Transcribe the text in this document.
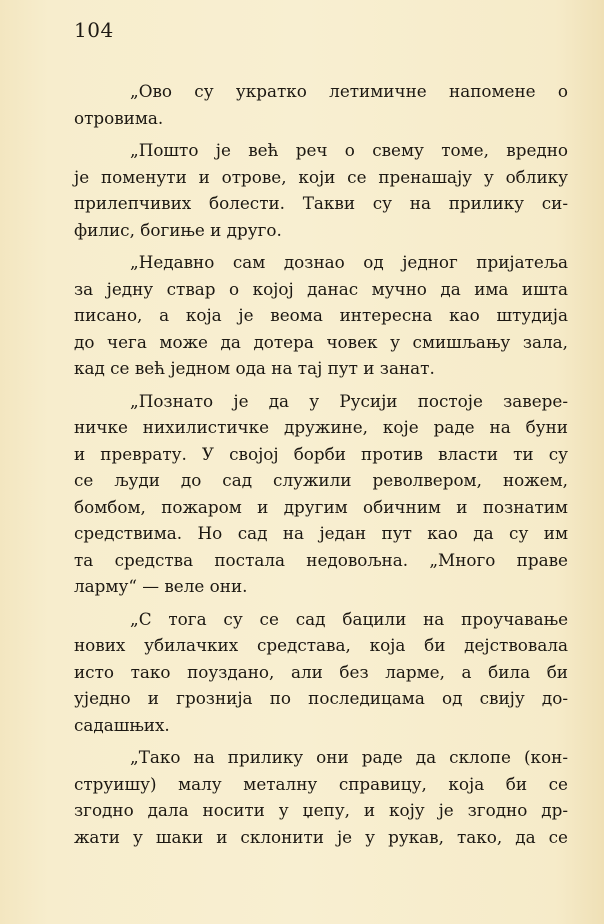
104
„Ово су укратко летимичне напомене о
отровима.
„Пошто је већ реч о свему томе, вредно
је поменути и отрове, који се пренашају у облику
прилепчивих болести. Такви су на прилику си-
филис, богиње и друго.
„Недавно сам дознао од једног пријатеља
за једну ствар о којој данас мучно да има ишта
писано, а која је веома интересна као штудија
до чега може да дотера човек у смишљању зала,
кад се већ једном ода на тај пут и занат.
„Познато је да у Русији постоје завере-
ничке нихилистичке дружине, које раде на буни
и преврату. У својој борби против власти ти су
се људи до сад служили револвером, ножем,
бомбом, пожаром и другим обичним и познатим
средствима. Но сад на један пут као да су им
та средства постала недовољна. „Много праве
ларму“ — веле они.
„С тога су се сад бацили на проучавање
нових убилачких средстава, која би дејствовала
исто тако поуздано, али без ларме, а била би
уједно и грознија по последицама од свију до-
садашњих.
„Тако на прилику они раде да склопе (кон-
струишу) малу металну справицу, која би се
згодно дала носити у џепу, и коју је згодно др-
жати у шаки и склонити је у рукав, тако, да се
